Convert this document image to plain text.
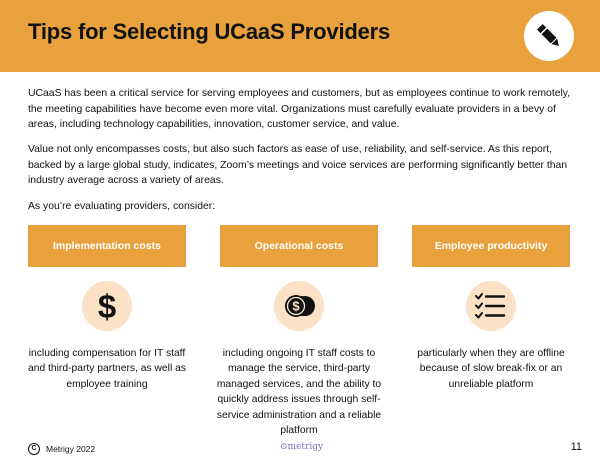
Tips for Selecting UCaaS Providers

UCaaS has been a critical service for serving employees and customers, but as employees continue to work remotely, the meeting capabilities have become even more vital. Organizations must carefully evaluate providers in a bevy of areas, including technology capabilities, innovation, customer service, and value.

Value not only encompasses costs, but also such factors as ease of use, reliability, and self-service. As this report, backed by a large global study, indicates, Zoom’s meetings and voice services are performing significantly better than industry average across a variety of areas.

As you’re evaluating providers, consider:

Implementation costs	Operational costs	Employee productivity
$	$
including compensation for IT staff and third-party partners, as well as employee training
including ongoing IT staff costs to manage the service, third-party managed services, and the ability to quickly address issues through self-service administration and a reliable platform
particularly when they are offline because of slow break-fix or an unreliable platform
C	Metrigy 2022	⊙metrigy	11
